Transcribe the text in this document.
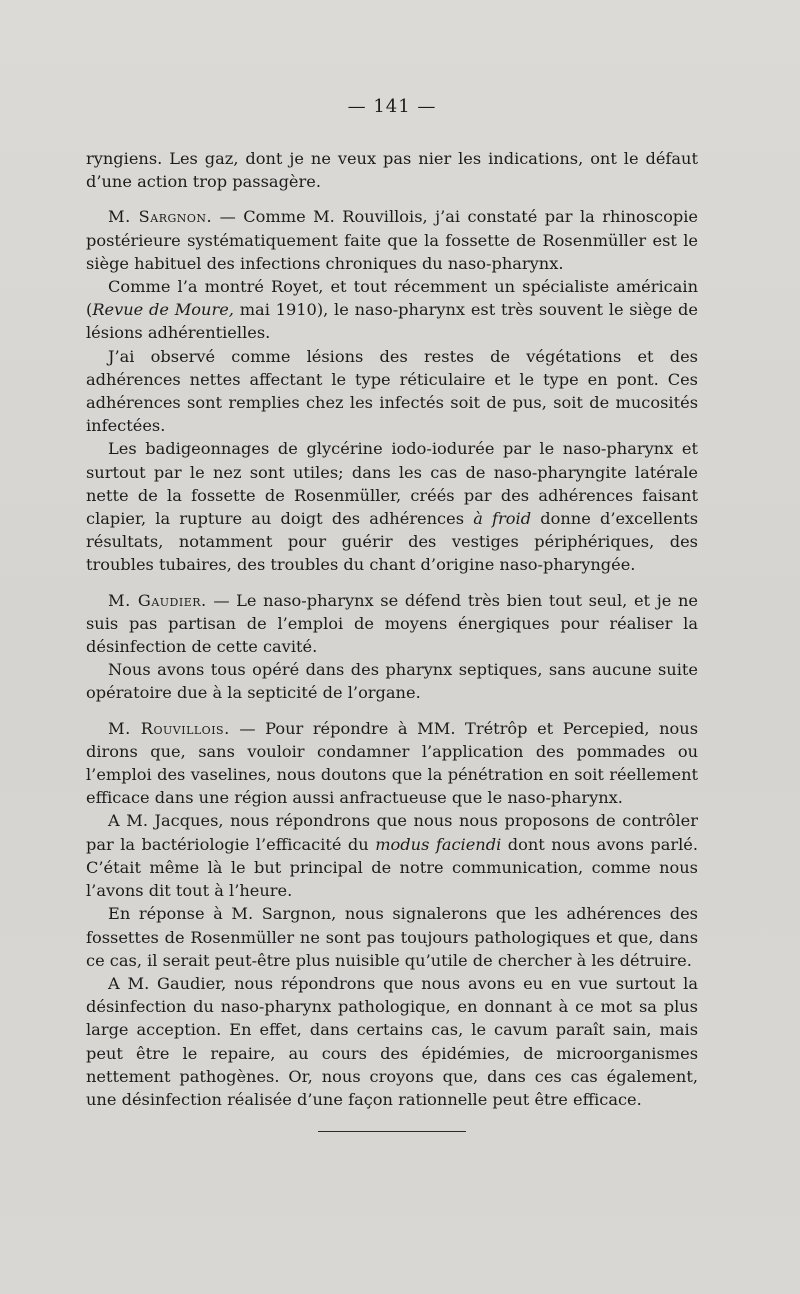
— 141 —

ryngiens. Les gaz, dont je ne veux pas nier les indications, ont le défaut d’une action trop passagère.

M. Sargnon. — Comme M. Rouvillois, j’ai constaté par la rhinoscopie postérieure systématiquement faite que la fossette de Rosenmüller est le siège habituel des infections chroniques du naso-pharynx.

Comme l’a montré Royet, et tout récemment un spécialiste américain (Revue de Moure, mai 1910), le naso-pharynx est très souvent le siège de lésions adhérentielles.

J’ai observé comme lésions des restes de végétations et des adhérences nettes affectant le type réticulaire et le type en pont. Ces adhérences sont remplies chez les infectés soit de pus, soit de mucosités infectées.

Les badigeonnages de glycérine iodo-iodurée par le naso-pharynx et surtout par le nez sont utiles; dans les cas de naso-pharyngite latérale nette de la fossette de Rosenmüller, créés par des adhérences faisant clapier, la rupture au doigt des adhérences à froid donne d’excellents résultats, notamment pour guérir des vestiges périphériques, des troubles tubaires, des troubles du chant d’origine naso-pharyngée.

M. Gaudier. — Le naso-pharynx se défend très bien tout seul, et je ne suis pas partisan de l’emploi de moyens énergiques pour réaliser la désinfection de cette cavité.

Nous avons tous opéré dans des pharynx septiques, sans aucune suite opératoire due à la septicité de l’organe.

M. Rouvillois. — Pour répondre à MM. Trétrôp et Percepied, nous dirons que, sans vouloir condamner l’application des pommades ou l’emploi des vaselines, nous doutons que la pénétration en soit réellement efficace dans une région aussi anfractueuse que le naso-pharynx.

A M. Jacques, nous répondrons que nous nous proposons de contrôler par la bactériologie l’efficacité du modus faciendi dont nous avons parlé. C’était même là le but principal de notre communication, comme nous l’avons dit tout à l’heure.

En réponse à M. Sargnon, nous signalerons que les adhérences des fossettes de Rosenmüller ne sont pas toujours pathologiques et que, dans ce cas, il serait peut-être plus nuisible qu’utile de chercher à les détruire.

A M. Gaudier, nous répondrons que nous avons eu en vue surtout la désinfection du naso-pharynx pathologique, en donnant à ce mot sa plus large acception. En effet, dans certains cas, le cavum paraît sain, mais peut être le repaire, au cours des épidémies, de microorganismes nettement pathogènes. Or, nous croyons que, dans ces cas également, une désinfection réalisée d’une façon rationnelle peut être efficace.
